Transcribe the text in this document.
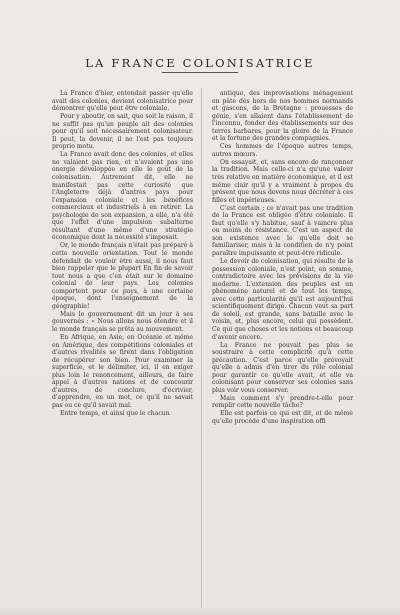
LA FRANCE COLONISATRICE

La France d'hier, entendait passer qu'elle avait des colonies, devient colonisatrice pour démontrer qu'elle peut être coloniale.

Pour y aboutir, on sait, que soit la raison, il ne suffit pas qu'un peuple ait des colonies pour qu'il soit nécessairement colonisateur. Il peut, la devenir, il ne l'est pas toujours proprio motu.

La France avait donc des colonies, et elles ne valaient pas rien, et n'avaient pas une énergie développée en elle le goût de la colonisation. Autrement dit, elle ne manifestait pas cette curiosité que l'Angleterre déjà d'antres pays pour l'expansion coloniale et les bénéfices commerciaux et industriels à en retirer. La psychologie de son expansion, a elle, n'a été que l'effet d'une impulsion subalterne résultant d'une même d'une stratégie économique dont la nécessité s'imposait.

Or, le monde français n'était pas préparé à cette nouvelle orientation. Tout le monde défendait de vouloir être aussi, il nous faut bien rappeler que le plupart En fin de savoir tout nous a que c'en était sur le domaine colonial de leur pays. Les colonies comportent pour ce pays, à une certaine époque, dont l'enseignement de la géographie!

Mais le gouvernement dit un jour à ses gouvernés : « Nous allons nous étendre et il le monde français se prêta au mouvement.

En Afrique, en Asie, en Océanie et même en Amérique, des compétitions coloniales et d'autres rivalités se firent dans l'obligation de récupérer son bien. Pour examiner la superficie, et le délimiter, ici, il en exiger plus loin le renoncement, ailleurs, de faire appel à d'autres nations et de concourir d'autres, de conclure, d'écrivier, d'apprendre, en un mot, ce qu'il ne savait pas ou ce qu'il savait mal.

Entre temps, et ainsi que le chacun

antique, des improvisations ménageaient en pâte des hors de nos hommes normands et gascons, de la Bretagne : prouesses de génie, s'en allaient dans l'établissement de l'inconnu, fonder des établissements sur des terres barbares, pour la gloire de la France et la fortune des grandes compagnies.

Ces hommes de l'époque autres temps, autres mœurs.

On essayait, et, sans encore de rançonner la tradition. Mais celle-ci n'a qu'une valeur très relative en matière économique, et il est même clair qu'il y a vraiment à propos du présent que nous devons nous décréter à ces filles et impérieuses.

C'est certain ; ce n'avait pas une tradition de la France est obligée d'être coloniale. Il faut qu'elle s'y habitue, sauf à vaincre plus ou moins de résistance. C'est un aspect de son existence avec le qu'elle doit se familiariser, mais à la condition de n'y point paraître impuissante et peut-être ridicule.

Le devoir de colonisation, qui résulte de la possession coloniale, n'est point, en somme, contradictoire avec les prévisions de la vie moderne. L'extension des peuples est un phénomène naturel et de tout les temps, avec cette particularité qu'il est aujourd'hui scientifiquement dirigé. Chacun veut sa part de soleil, est grande, sans bataille avec le voisin, et, plus encore, celui qui possèdent. Ce qui que choses et les notions et beaucoup d'avenir encore.

La France ne pouvait pas plus se soustraire à cette complicité qu'à cette précaution. C'est parce qu'elle prévoyait qu'elle a admis d'en tirer du rôle colonial pour garantir ce qu'elle avait, et elle va colonisant pour conserver ses colonies sans plus voir vous conserver.

Mais comment s'y prendre-t-elle pour remplir cette nouvelle tâche?

Elle est parfois ce qui est dit, et de même qu'elle procède d'une inspiration offi
